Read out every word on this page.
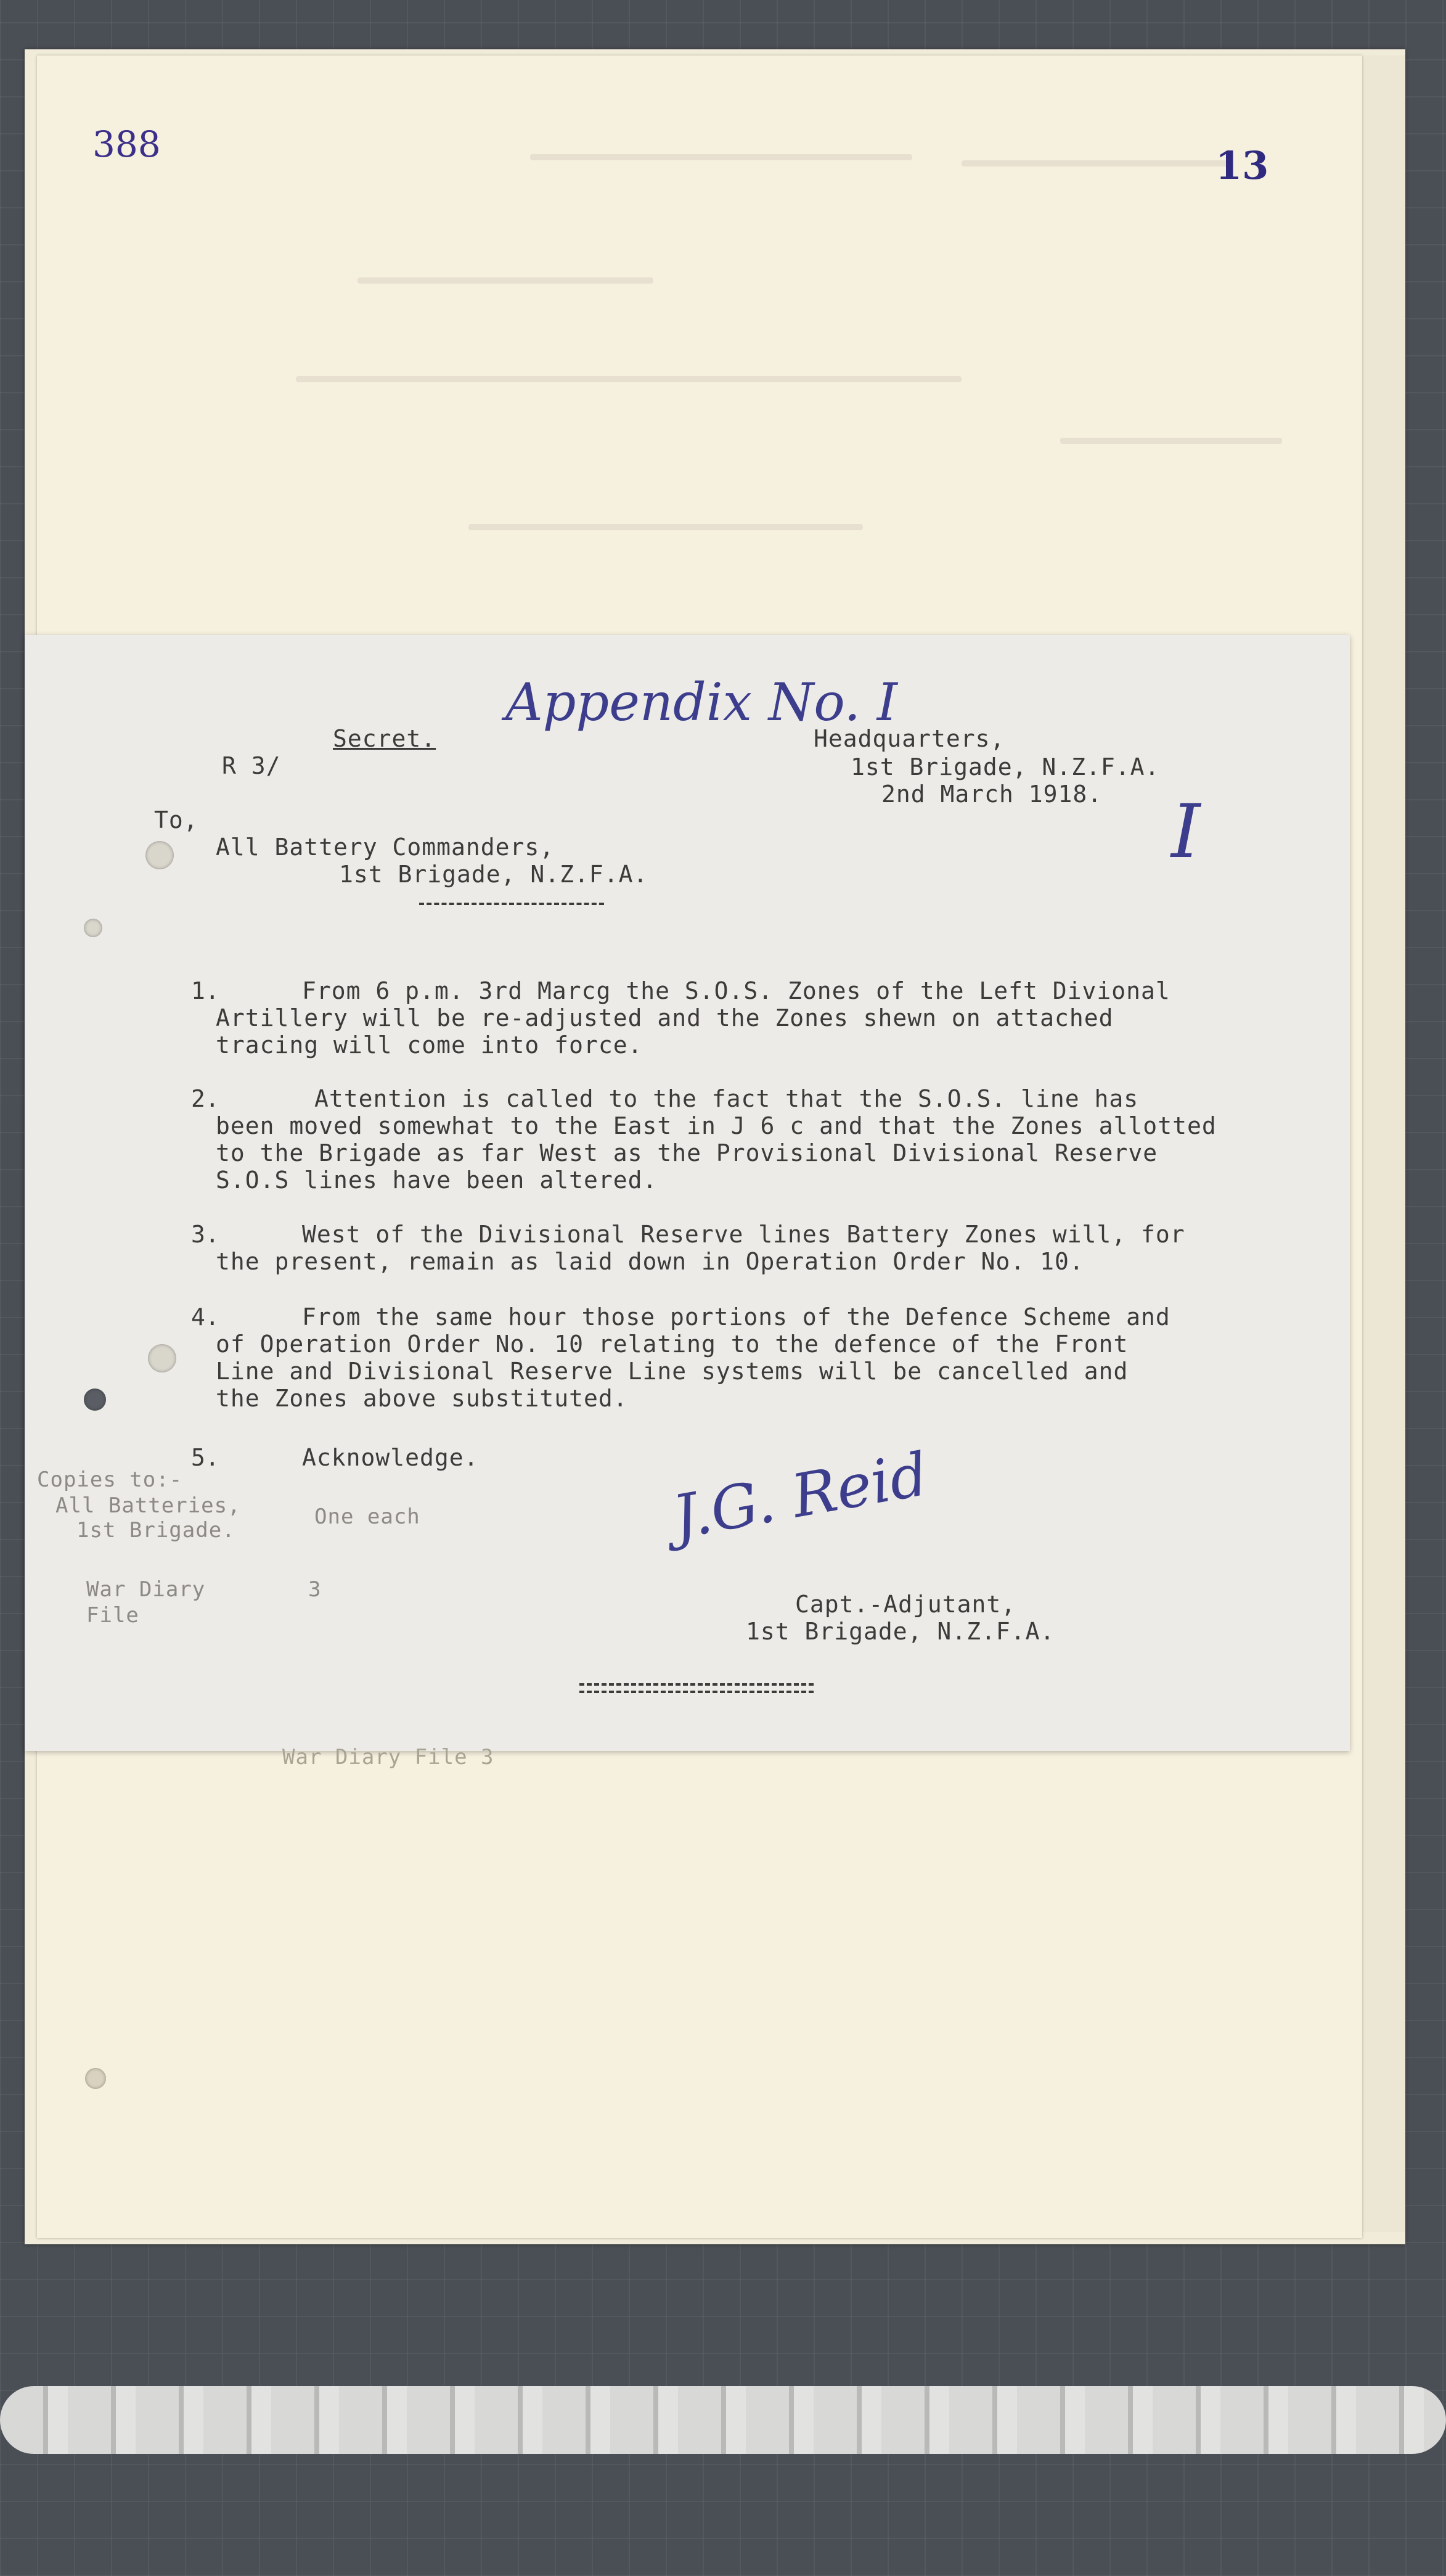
388	13
Appendix No. I
I
R 3/
Secret.	Headquarters,
1st Brigade, N.Z.F.A.
2nd March 1918.
To,
All Battery Commanders,
1st Brigade, N.Z.F.A.
1.	From 6 p.m. 3rd Marcg the S.O.S. Zones of the Left Divional

Artillery will be re-adjusted and the Zones shewn on attached

tracing will come into force.

2.	Attention is called to the fact that the S.O.S. line has

been moved somewhat to the East in J 6 c and that the Zones allotted

to the Brigade as far West as the Provisional Divisional Reserve

S.O.S lines have been altered.

3.	West of the Divisional Reserve lines Battery Zones will, for

the present, remain as laid down in Operation Order No. 10.

4.	From the same hour those portions of the Defence Scheme and

of Operation Order No. 10 relating to the defence of the Front

Line and Divisional Reserve Line systems will be cancelled and

the Zones above substituted.

5.	Acknowledge.

Copies to:-
All Batteries,
1st Brigade.
One each
War Diary	3
File
J.G. Reid
Capt.-Adjutant,
1st Brigade, N.Z.F.A.
War Diary File 3
